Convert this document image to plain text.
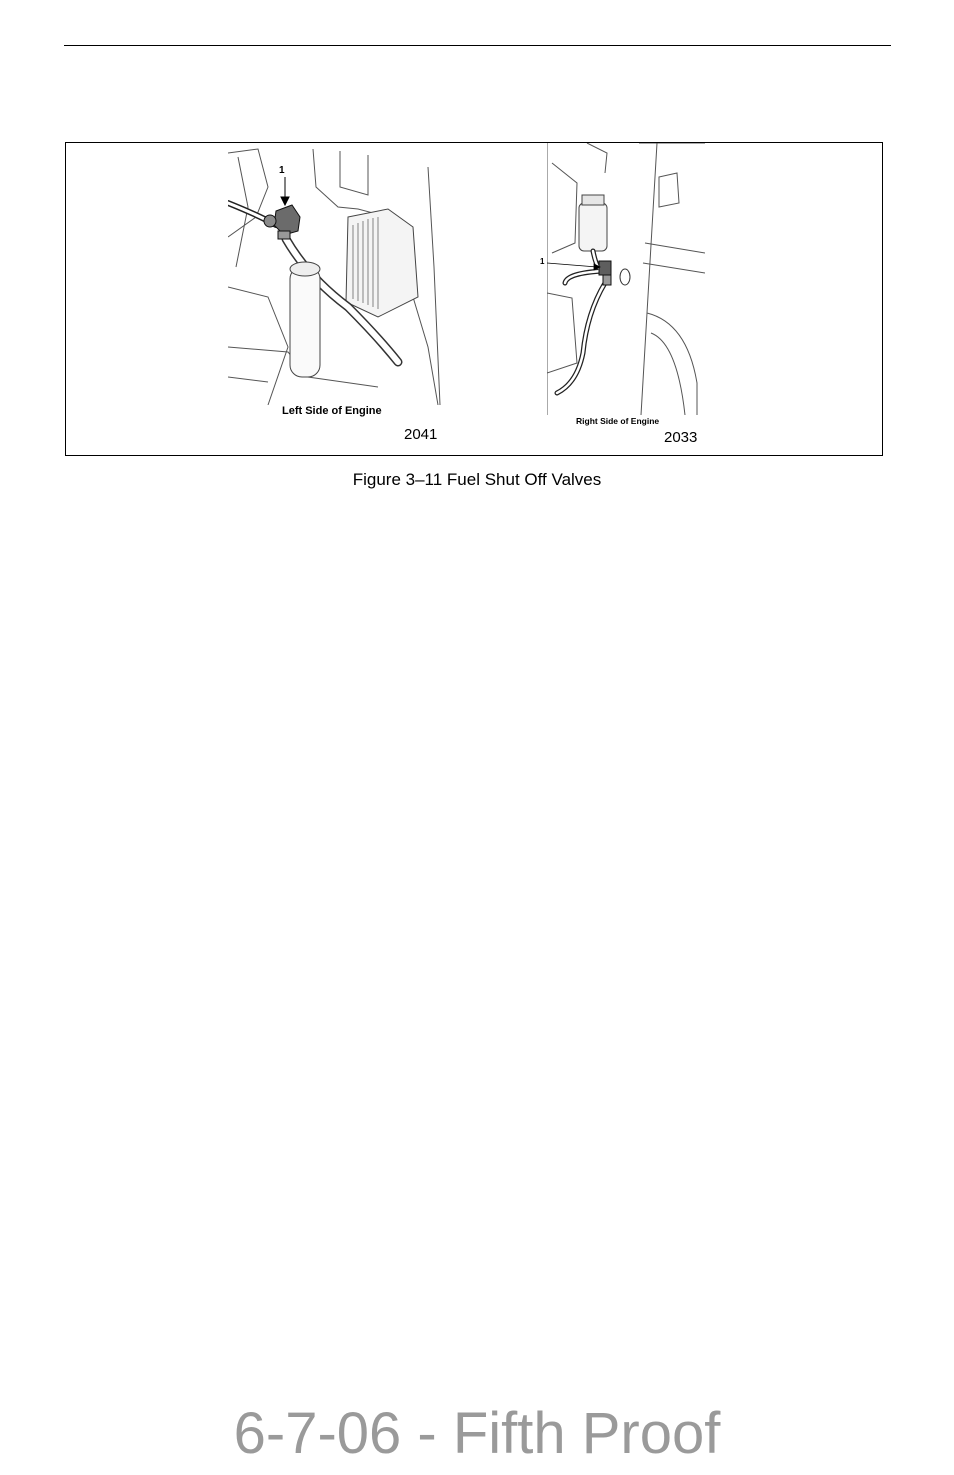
1
1
Left Side of Engine
2041
Right Side of Engine
2033
Figure 3–11 Fuel Shut Off Valves
6-7-06 - Fifth Proof
